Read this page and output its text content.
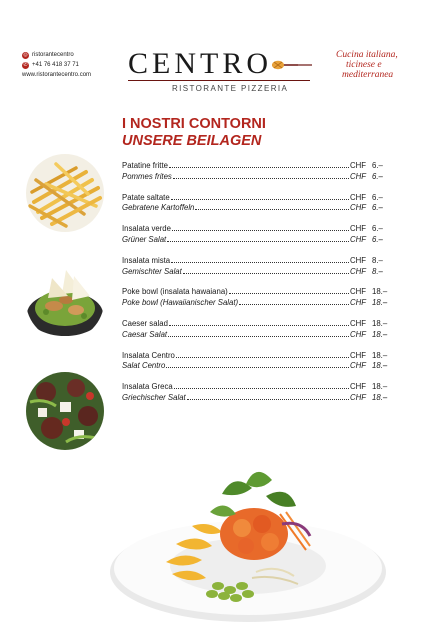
◎ ristorantecentro
✆ +41 76 418 37 71
www.ristorantecentro.com CENTRO
RISTORANTE PIZZERIA
Cucina italiana,
ticinese e
mediterranea
I NOSTRI CONTORNI
UNSERE BEILAGEN
Patatine fritte	CHF 6.–
Pommes frites	CHF 6.–
Patate saltate	CHF 6.–
Gebratene Kartoffeln	CHF 6.–
Insalata verde	CHF 6.–
Grüner Salat	CHF 6.–
Insalata mista	CHF 8.–
Gemischter Salat	CHF 8.–
Poke bowl (insalata hawaiana)	CHF 18.–
Poke bowl (Hawaiianischer Salat)	CHF 18.–
Caeser salad	CHF 18.–
Caesar Salat	CHF 18.–
Insalata Centro	CHF 18.–
Salat Centro	CHF 18.–
Insalata Greca	CHF 18.–
Griechischer Salat	CHF 18.–
